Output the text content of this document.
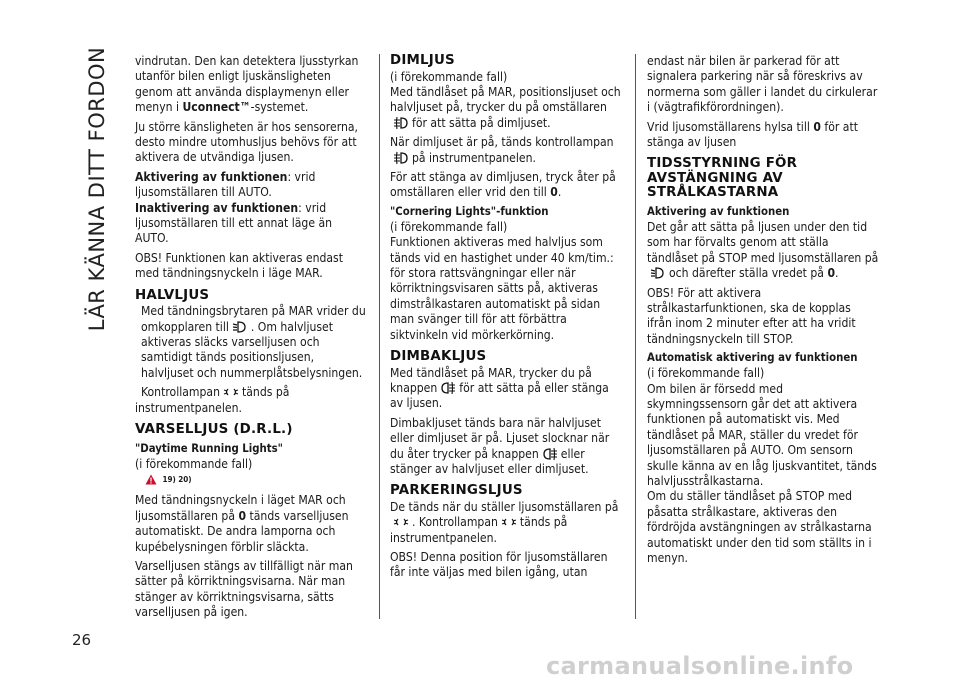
LÄR KÄNNA DITT FORDON
26

vindrutan. Den kan detektera ljusstyrkan utanför bilen enligt ljuskänsligheten genom att använda displaymenyn eller menyn i Uconnect™-systemet.

Ju större känsligheten är hos sensorerna, desto mindre utomhusljus behövs för att aktivera de utvändiga ljusen.

Aktivering av funktionen: vrid ljusomställaren till AUTO.

Inaktivering av funktionen: vrid ljusomställaren till ett annat läge än AUTO.

OBS! Funktionen kan aktiveras endast med tändningsnyckeln i läge MAR.

HALVLJUS

Med tändningsbrytaren på MAR vrider du omkopplaren till . Om halvljuset aktiveras släcks varselljusen och samtidigt tänds positionsljusen, halvljuset och nummerplåtsbelysningen.

Kontrollampan tänds på instrumentpanelen.

VARSELLJUS (D.R.L.)
"Daytime Running Lights"

(i förekommande fall)

$^{19) 20)}$

Med tändningsnyckeln i läget MAR och ljusomställaren på 0 tänds varselljusen automatiskt. De andra lamporna och kupébelysningen förblir släckta.

Varselljusen stängs av tillfälligt när man sätter på körriktningsvisarna. När man stänger av körriktningsvisarna, sätts varselljusen på igen.

DIMLJUS

(i förekommande fall)

Med tändlåset på MAR, positionsljuset och halvljuset på, trycker du på omställaren
för att sätta på dimljuset.

När dimljuset är på, tänds kontrollampan

på instrumentpanelen.

För att stänga av dimljusen, tryck åter på omställaren eller vrid den till 0.

"Cornering Lights"-funktion

(i förekommande fall)

Funktionen aktiveras med halvljus som tänds vid en hastighet under 40 km/tim.: för stora rattsvängningar eller när körriktningsvisaren sätts på, aktiveras dimstrålkastaren automatiskt på sidan man svänger till för att förbättra siktvinkeln vid mörkerkörning.

DIMBAKLJUS

Med tändlåset på MAR, trycker du på knappen för att sätta på eller stänga av ljusen.

Dimbakljuset tänds bara när halvljuset eller dimljuset är på. Ljuset slocknar när du åter trycker på knappen eller stänger av halvljuset eller dimljuset.

PARKERINGSLJUS

De tänds när du ställer ljusomställaren på
. Kontrollampan tänds på instrumentpanelen.

OBS! Denna position för ljusomställaren får inte väljas med bilen igång, utan

endast när bilen är parkerad för att signalera parkering när så föreskrivs av normerna som gäller i landet du cirkulerar i (vägtrafikförordningen).

Vrid ljusomställarens hylsa till 0 för att stänga av ljusen

TIDSSTYRNING FÖR AVSTÄNGNING AV STRÅLKASTARNA
Aktivering av funktionen

Det går att sätta på ljusen under den tid som har förvalts genom att ställa tändlåset på STOP med ljusomställaren på
och därefter ställa vredet på 0.

OBS! För att aktivera strålkastarfunktionen, ska de kopplas ifrån inom 2 minuter efter att ha vridit tändningsnyckeln till STOP.

Automatisk aktivering av funktionen

(i förekommande fall)

Om bilen är försedd med skymningssensorn går det att aktivera funktionen på automatiskt vis. Med tändlåset på MAR, ställer du vredet för ljusomställaren på AUTO. Om sensorn skulle känna av en låg ljuskvantitet, tänds halvljusstrålkastarna.

Om du ställer tändlåset på STOP med påsatta strålkastare, aktiveras den fördröjda avstängningen av strålkastarna automatiskt under den tid som ställts in i menyn.

carmanualsonline.info
